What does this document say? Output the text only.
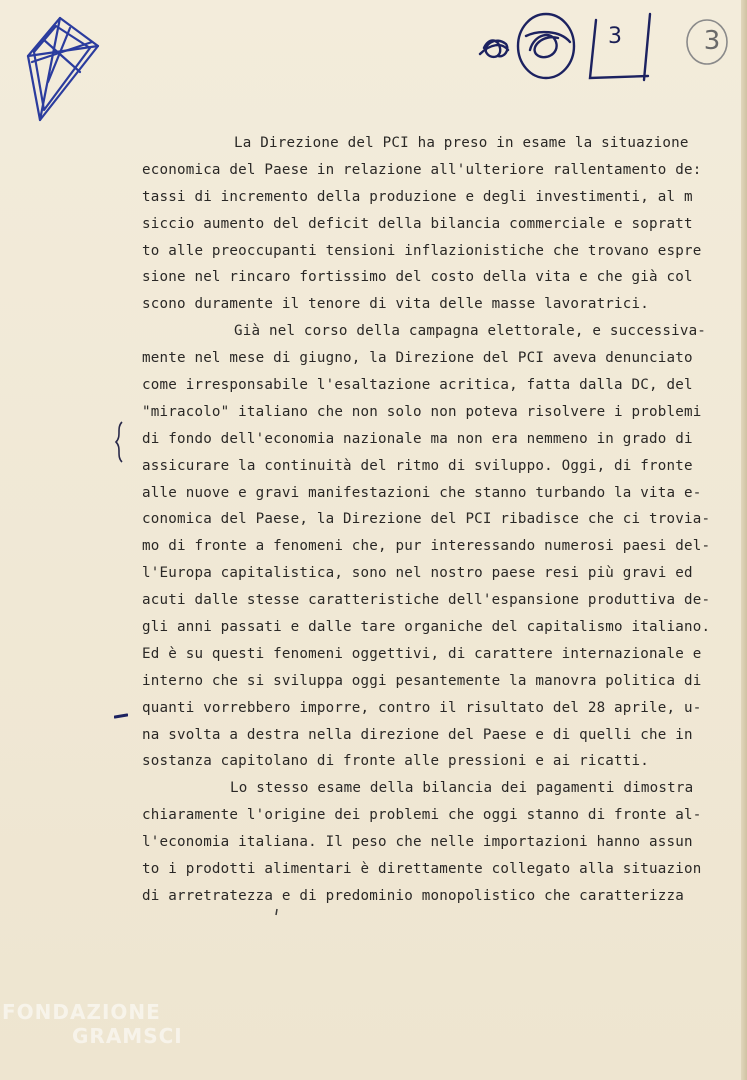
3	3
La Direzione del PCI ha preso in esame la situazione
economica del Paese in relazione all'ulteriore rallentamento de:
tassi di incremento della produzione e degli investimenti, al m
siccio aumento del deficit della bilancia commerciale e sopratt
to alle preoccupanti tensioni inflazionistiche che trovano espre
sione nel rincaro fortissimo del costo della vita e che già col
scono duramente il tenore di vita delle masse lavoratrici.
Già nel corso della campagna elettorale, e successiva-
mente nel mese di giugno, la Direzione del PCI aveva denunciato
come irresponsabile l'esaltazione acritica, fatta dalla DC, del
"miracolo" italiano che non solo non poteva risolvere i problemi
di fondo dell'economia nazionale ma non era nemmeno in grado di
assicurare la continuità del ritmo di sviluppo. Oggi, di fronte
alle nuove e gravi manifestazioni che stanno turbando la vita e-
conomica del Paese, la Direzione del PCI ribadisce che ci trovia-
mo di fronte a fenomeni che, pur interessando numerosi paesi del-
l'Europa capitalistica, sono nel nostro paese resi più gravi ed
acuti dalle stesse caratteristiche dell'espansione produttiva de-
gli anni passati e dalle tare organiche del capitalismo italiano.
Ed è su questi fenomeni oggettivi, di carattere internazionale e
interno che si sviluppa oggi pesantemente la manovra politica di
quanti vorrebbero imporre, contro il risultato del 28 aprile, u-
na svolta a destra nella direzione del Paese e di quelli che in
sostanza capitolano di fronte alle pressioni e ai ricatti.
Lo stesso esame della bilancia dei pagamenti dimostra
chiaramente l'origine dei problemi che oggi stanno di fronte al-
l'economia italiana. Il peso che nelle importazioni hanno assun
to i prodotti alimentari è direttamente collegato alla situazion
di arretratezza e di predominio monopolistico che caratterizza
FONDAZIONE
GRAMSCI
